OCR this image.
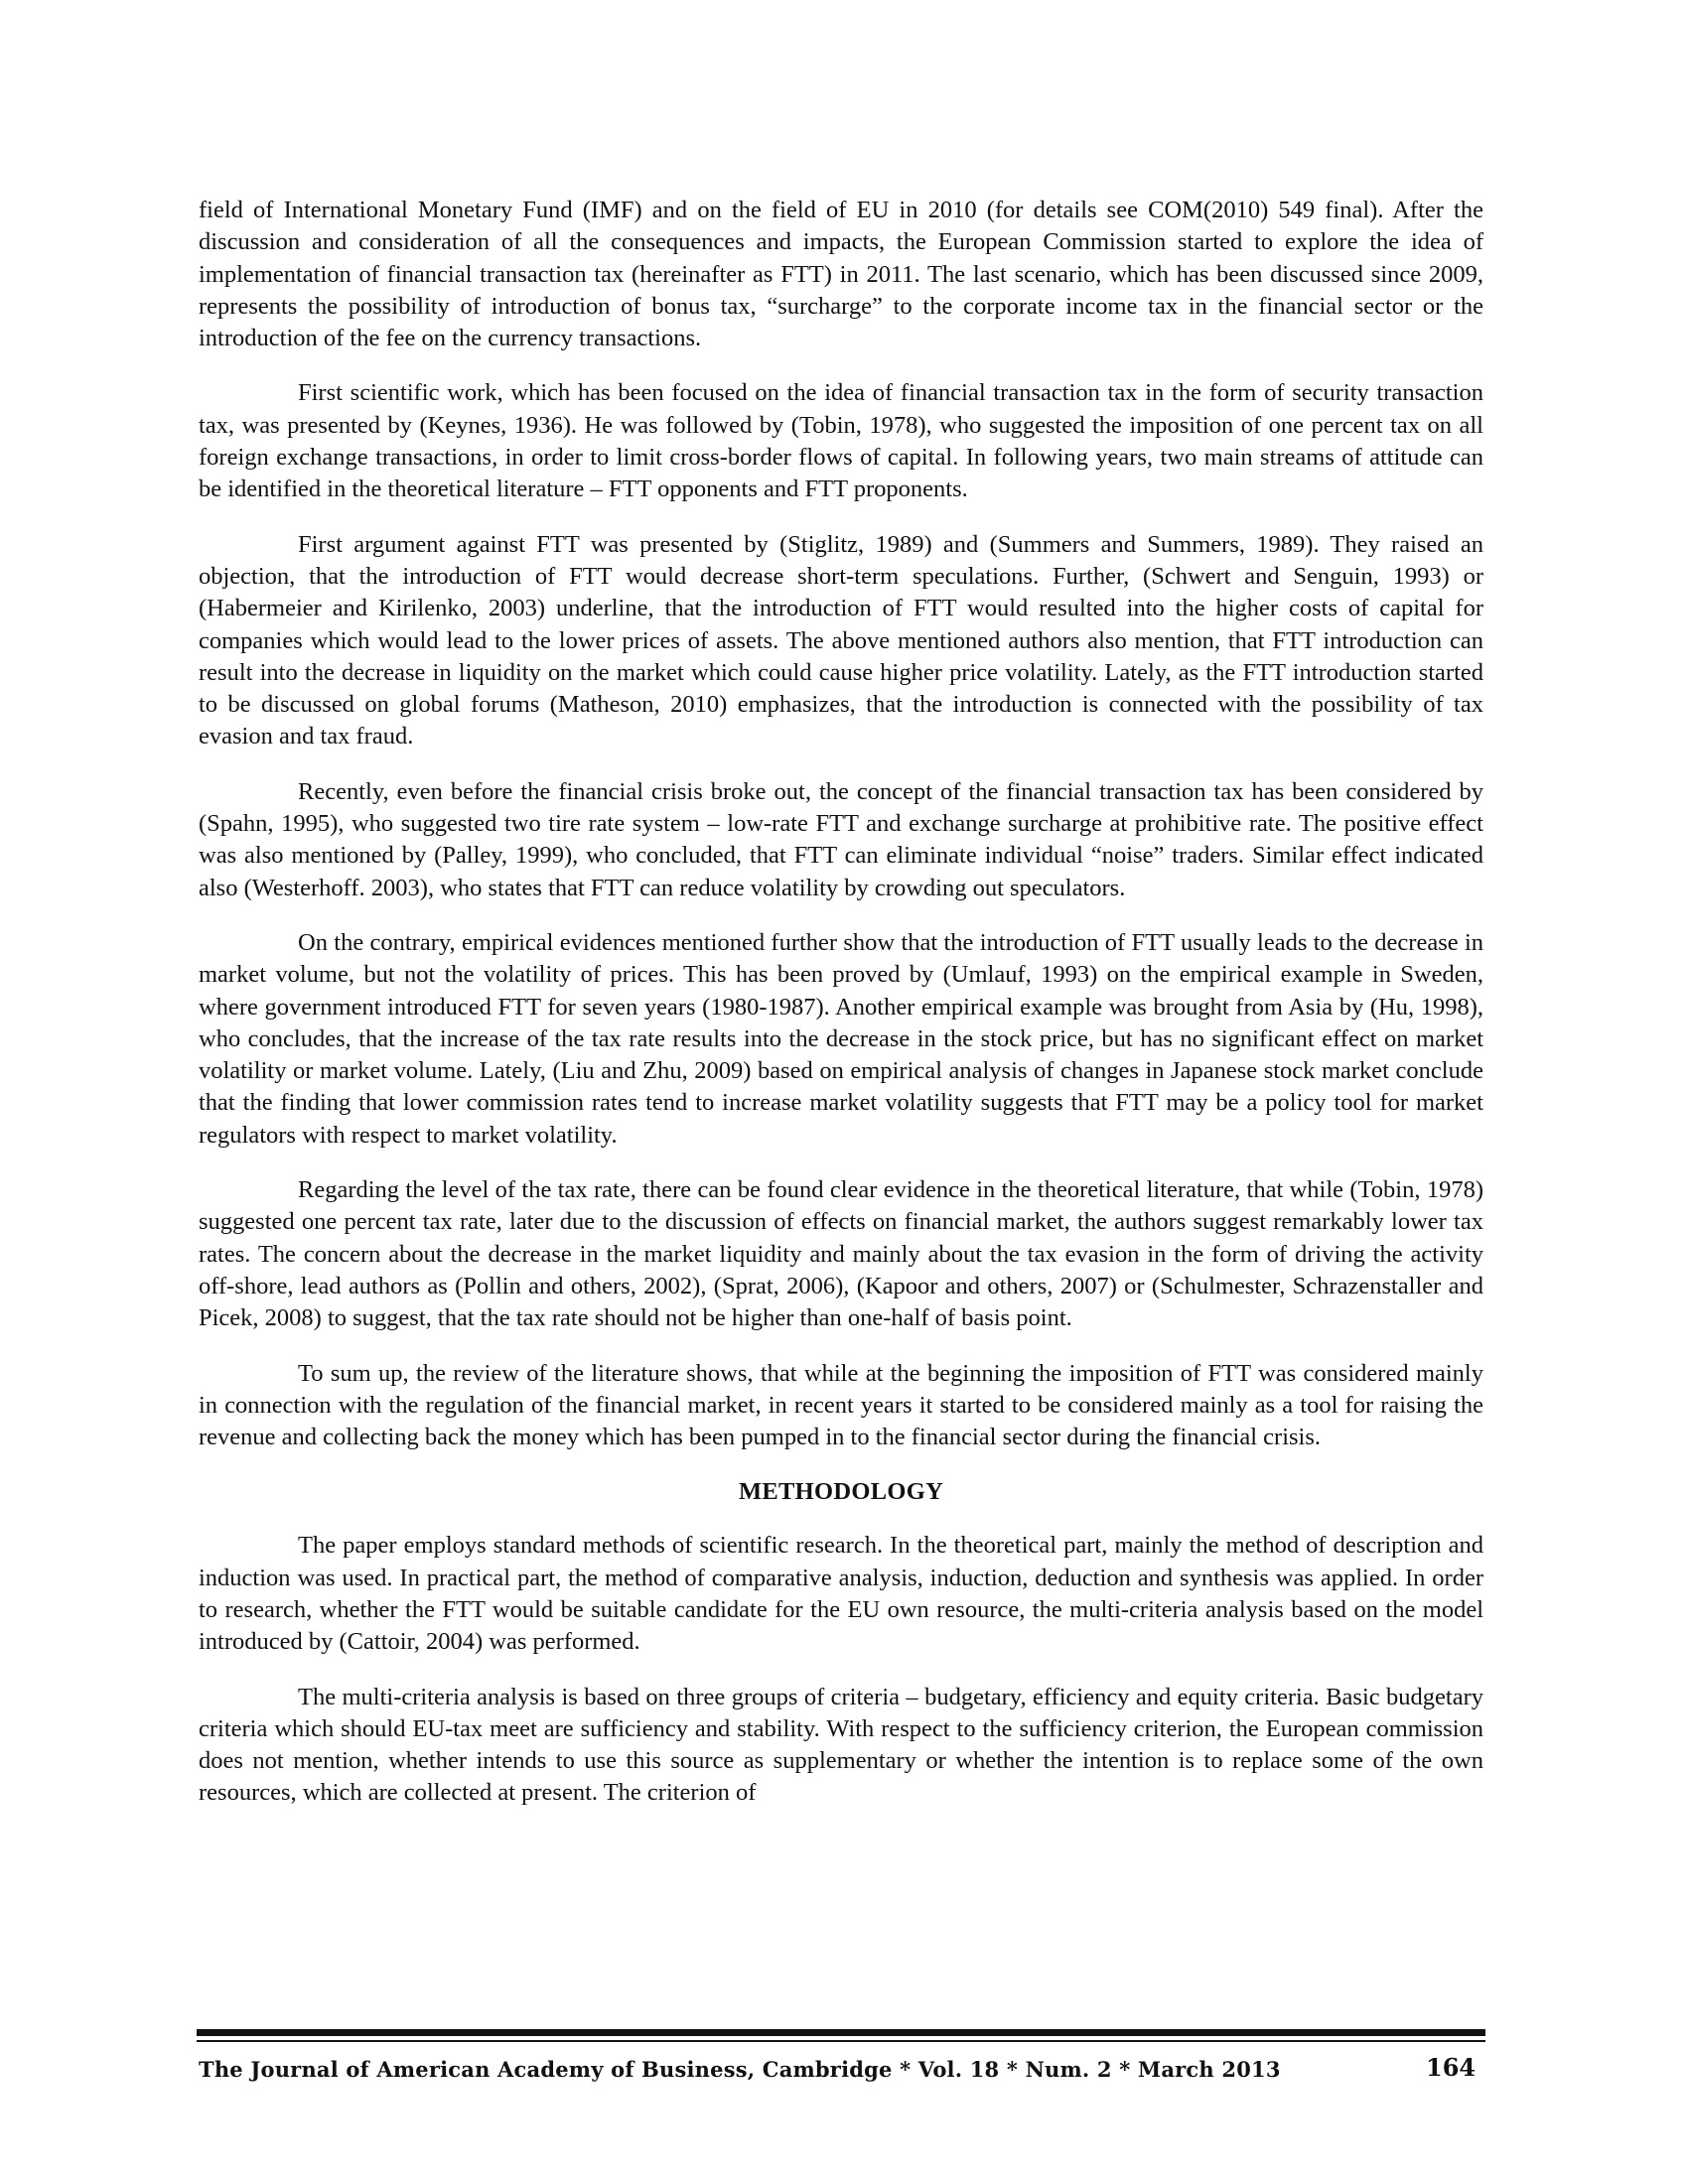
field of International Monetary Fund (IMF) and on the field of EU in 2010 (for details see COM(2010) 549 final). After the discussion and consideration of all the consequences and impacts, the European Commission started to explore the idea of implementation of financial transaction tax (hereinafter as FTT) in 2011. The last scenario, which has been discussed since 2009, represents the possibility of introduction of bonus tax, “surcharge” to the corporate income tax in the financial sector or the introduction of the fee on the currency transactions.

First scientific work, which has been focused on the idea of financial transaction tax in the form of security transaction tax, was presented by (Keynes, 1936). He was followed by (Tobin, 1978), who suggested the imposition of one percent tax on all foreign exchange transactions, in order to limit cross-border flows of capital. In following years, two main streams of attitude can be identified in the theoretical literature – FTT opponents and FTT proponents.

First argument against FTT was presented by (Stiglitz, 1989) and (Summers and Summers, 1989). They raised an objection, that the introduction of FTT would decrease short-term speculations. Further, (Schwert and Senguin, 1993) or (Habermeier and Kirilenko, 2003) underline, that the introduction of FTT would resulted into the higher costs of capital for companies which would lead to the lower prices of assets. The above mentioned authors also mention, that FTT introduction can result into the decrease in liquidity on the market which could cause higher price volatility. Lately, as the FTT introduction started to be discussed on global forums (Matheson, 2010) emphasizes, that the introduction is connected with the possibility of tax evasion and tax fraud.

Recently, even before the financial crisis broke out, the concept of the financial transaction tax has been considered by (Spahn, 1995), who suggested two tire rate system – low-rate FTT and exchange surcharge at prohibitive rate. The positive effect was also mentioned by (Palley, 1999), who concluded, that FTT can eliminate individual “noise” traders. Similar effect indicated also (Westerhoff. 2003), who states that FTT can reduce volatility by crowding out speculators.

On the contrary, empirical evidences mentioned further show that the introduction of FTT usually leads to the decrease in market volume, but not the volatility of prices. This has been proved by (Umlauf, 1993) on the empirical example in Sweden, where government introduced FTT for seven years (1980-1987). Another empirical example was brought from Asia by (Hu, 1998), who concludes, that the increase of the tax rate results into the decrease in the stock price, but has no significant effect on market volatility or market volume. Lately, (Liu and Zhu, 2009) based on empirical analysis of changes in Japanese stock market conclude that the finding that lower commission rates tend to increase market volatility suggests that FTT may be a policy tool for market regulators with respect to market volatility.

Regarding the level of the tax rate, there can be found clear evidence in the theoretical literature, that while (Tobin, 1978) suggested one percent tax rate, later due to the discussion of effects on financial market, the authors suggest remarkably lower tax rates. The concern about the decrease in the market liquidity and mainly about the tax evasion in the form of driving the activity off-shore, lead authors as (Pollin and others, 2002), (Sprat, 2006), (Kapoor and others, 2007) or (Schulmester, Schrazenstaller and Picek, 2008) to suggest, that the tax rate should not be higher than one-half of basis point.

To sum up, the review of the literature shows, that while at the beginning the imposition of FTT was considered mainly in connection with the regulation of the financial market, in recent years it started to be considered mainly as a tool for raising the revenue and collecting back the money which has been pumped in to the financial sector during the financial crisis.

METHODOLOGY

The paper employs standard methods of scientific research. In the theoretical part, mainly the method of description and induction was used. In practical part, the method of comparative analysis, induction, deduction and synthesis was applied. In order to research, whether the FTT would be suitable candidate for the EU own resource, the multi-criteria analysis based on the model introduced by (Cattoir, 2004) was performed.

The multi-criteria analysis is based on three groups of criteria – budgetary, efficiency and equity criteria. Basic budgetary criteria which should EU-tax meet are sufficiency and stability. With respect to the sufficiency criterion, the European commission does not mention, whether intends to use this source as supplementary or whether the intention is to replace some of the own resources, which are collected at present. The criterion of

The Journal of American Academy of Business, Cambridge * Vol. 18 * Num. 2 * March 2013	164
